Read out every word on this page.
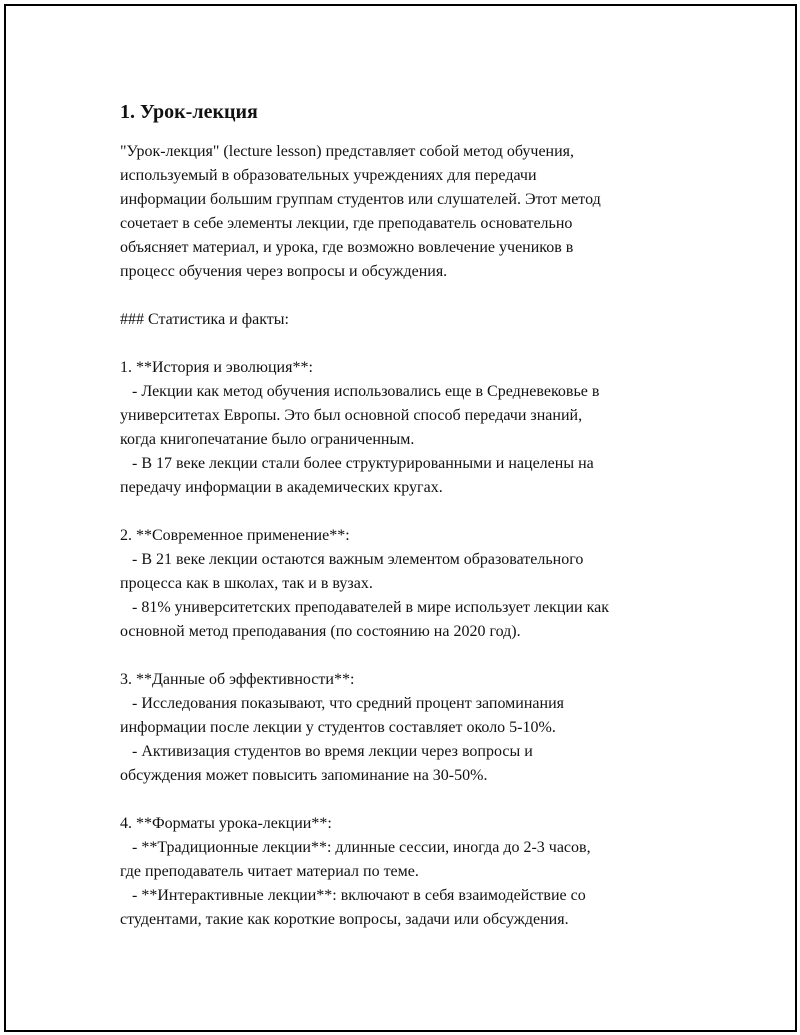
1. Урок-лекция

"Урок-лекция" (lecture lesson) представляет собой метод обучения,

используемый в образовательных учреждениях для передачи

информации большим группам студентов или слушателей. Этот метод

сочетает в себе элементы лекции, где преподаватель основательно

объясняет материал, и урока, где возможно вовлечение учеников в

процесс обучения через вопросы и обсуждения.

### Статистика и факты:

1. **История и эволюция**:

- Лекции как метод обучения использовались еще в Средневековье в

университетах Европы. Это был основной способ передачи знаний,

когда книгопечатание было ограниченным.

- В 17 веке лекции стали более структурированными и нацелены на

передачу информации в академических кругах.

2. **Современное применение**:

- В 21 веке лекции остаются важным элементом образовательного

процесса как в школах, так и в вузах.

- 81% университетских преподавателей в мире использует лекции как

основной метод преподавания (по состоянию на 2020 год).

3. **Данные об эффективности**:

- Исследования показывают, что средний процент запоминания

информации после лекции у студентов составляет около 5-10%.

- Активизация студентов во время лекции через вопросы и

обсуждения может повысить запоминание на 30-50%.

4. **Форматы урока-лекции**:

- **Традиционные лекции**: длинные сессии, иногда до 2-3 часов,

где преподаватель читает материал по теме.

- **Интерактивные лекции**: включают в себя взаимодействие со

студентами, такие как короткие вопросы, задачи или обсуждения.
